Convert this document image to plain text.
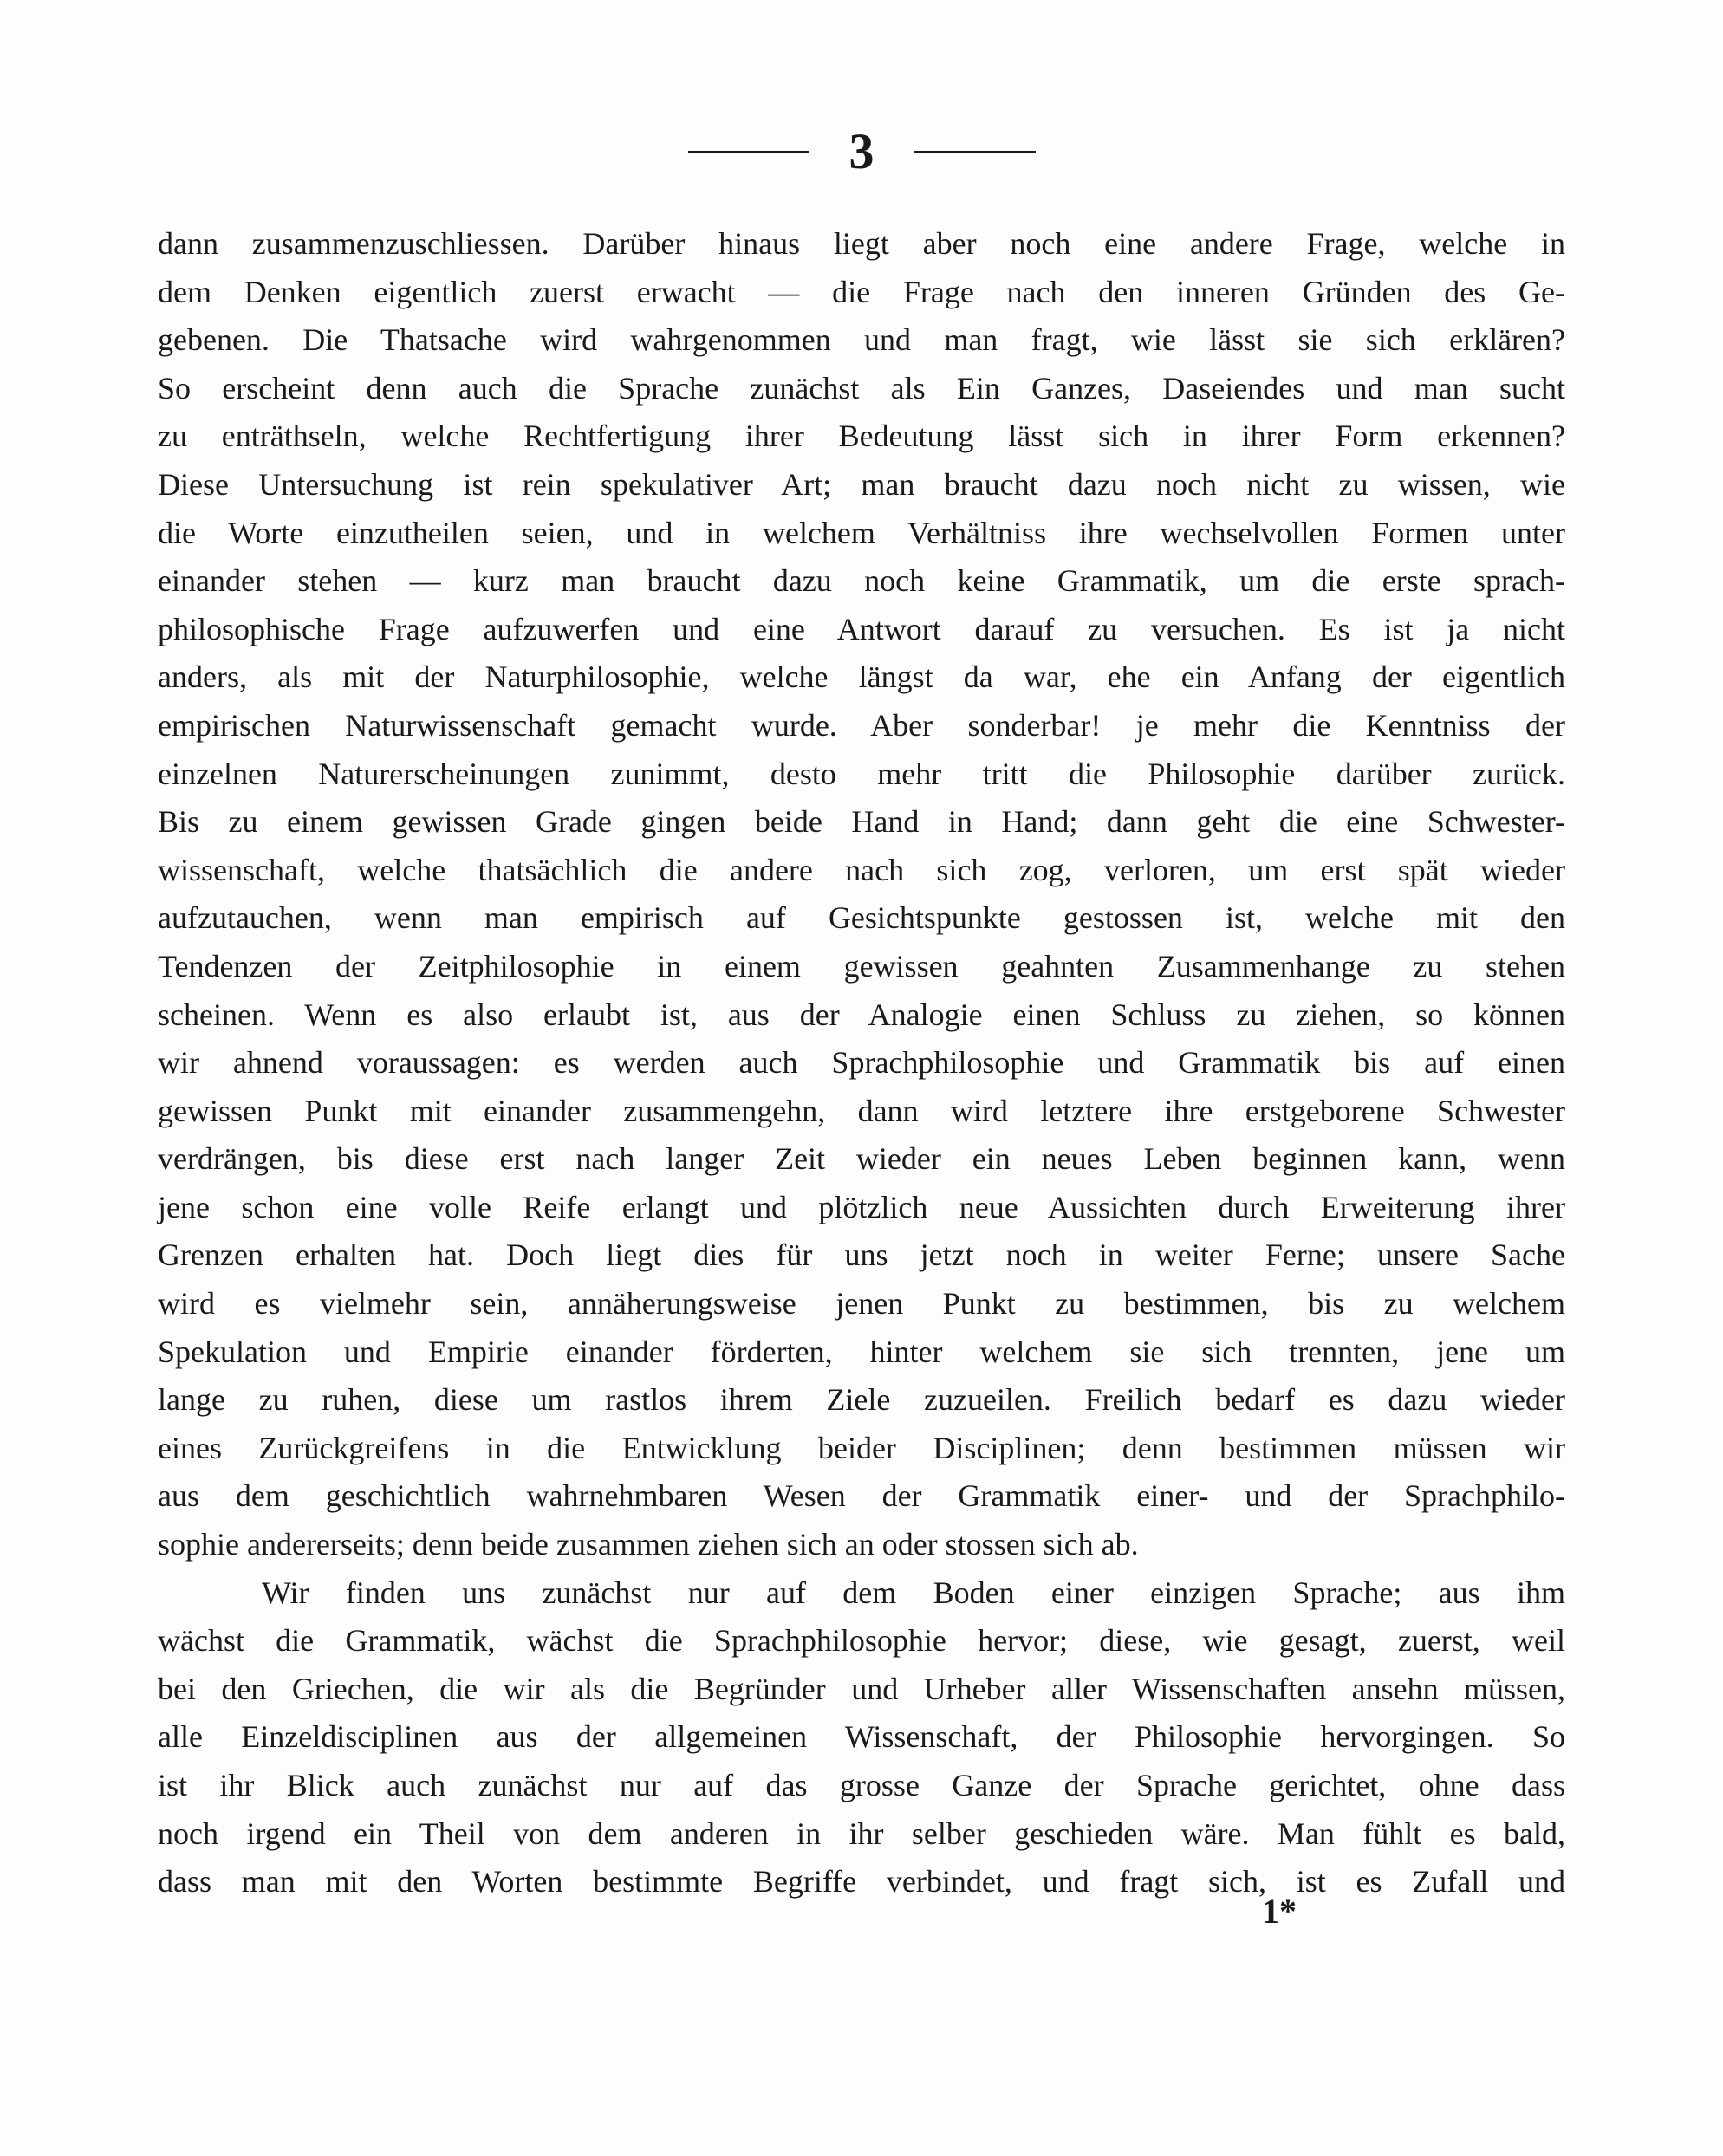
3
dann zusammenzuschliessen. Darüber hinaus liegt aber noch eine andere Frage, welche in
dem Denken eigentlich zuerst erwacht — die Frage nach den inneren Gründen des Ge-
gebenen. Die Thatsache wird wahrgenommen und man fragt, wie lässt sie sich erklären?
So erscheint denn auch die Sprache zunächst als Ein Ganzes, Daseiendes und man sucht
zu enträthseln, welche Rechtfertigung ihrer Bedeutung lässt sich in ihrer Form erkennen?
Diese Untersuchung ist rein spekulativer Art; man braucht dazu noch nicht zu wissen, wie
die Worte einzutheilen seien, und in welchem Verhältniss ihre wechselvollen Formen unter
einander stehen — kurz man braucht dazu noch keine Grammatik, um die erste sprach-
philosophische Frage aufzuwerfen und eine Antwort darauf zu versuchen. Es ist ja nicht
anders, als mit der Naturphilosophie, welche längst da war, ehe ein Anfang der eigentlich
empirischen Naturwissenschaft gemacht wurde. Aber sonderbar! je mehr die Kenntniss der
einzelnen Naturerscheinungen zunimmt, desto mehr tritt die Philosophie darüber zurück.
Bis zu einem gewissen Grade gingen beide Hand in Hand; dann geht die eine Schwester-
wissenschaft, welche thatsächlich die andere nach sich zog, verloren, um erst spät wieder
aufzutauchen, wenn man empirisch auf Gesichtspunkte gestossen ist, welche mit den
Tendenzen der Zeitphilosophie in einem gewissen geahnten Zusammenhange zu stehen
scheinen. Wenn es also erlaubt ist, aus der Analogie einen Schluss zu ziehen, so können
wir ahnend voraussagen: es werden auch Sprachphilosophie und Grammatik bis auf einen
gewissen Punkt mit einander zusammengehn, dann wird letztere ihre erstgeborene Schwester
verdrängen, bis diese erst nach langer Zeit wieder ein neues Leben beginnen kann, wenn
jene schon eine volle Reife erlangt und plötzlich neue Aussichten durch Erweiterung ihrer
Grenzen erhalten hat. Doch liegt dies für uns jetzt noch in weiter Ferne; unsere Sache
wird es vielmehr sein, annäherungsweise jenen Punkt zu bestimmen, bis zu welchem
Spekulation und Empirie einander förderten, hinter welchem sie sich trennten, jene um
lange zu ruhen, diese um rastlos ihrem Ziele zuzueilen. Freilich bedarf es dazu wieder
eines Zurückgreifens in die Entwicklung beider Disciplinen; denn bestimmen müssen wir
aus dem geschichtlich wahrnehmbaren Wesen der Grammatik einer- und der Sprachphilo-
sophie andererseits; denn beide zusammen ziehen sich an oder stossen sich ab.
Wir finden uns zunächst nur auf dem Boden einer einzigen Sprache; aus ihm
wächst die Grammatik, wächst die Sprachphilosophie hervor; diese, wie gesagt, zuerst, weil
bei den Griechen, die wir als die Begründer und Urheber aller Wissenschaften ansehn müssen,
alle Einzeldisciplinen aus der allgemeinen Wissenschaft, der Philosophie hervorgingen. So
ist ihr Blick auch zunächst nur auf das grosse Ganze der Sprache gerichtet, ohne dass
noch irgend ein Theil von dem anderen in ihr selber geschieden wäre. Man fühlt es bald,
dass man mit den Worten bestimmte Begriffe verbindet, und fragt sich, ist es Zufall und
1*
